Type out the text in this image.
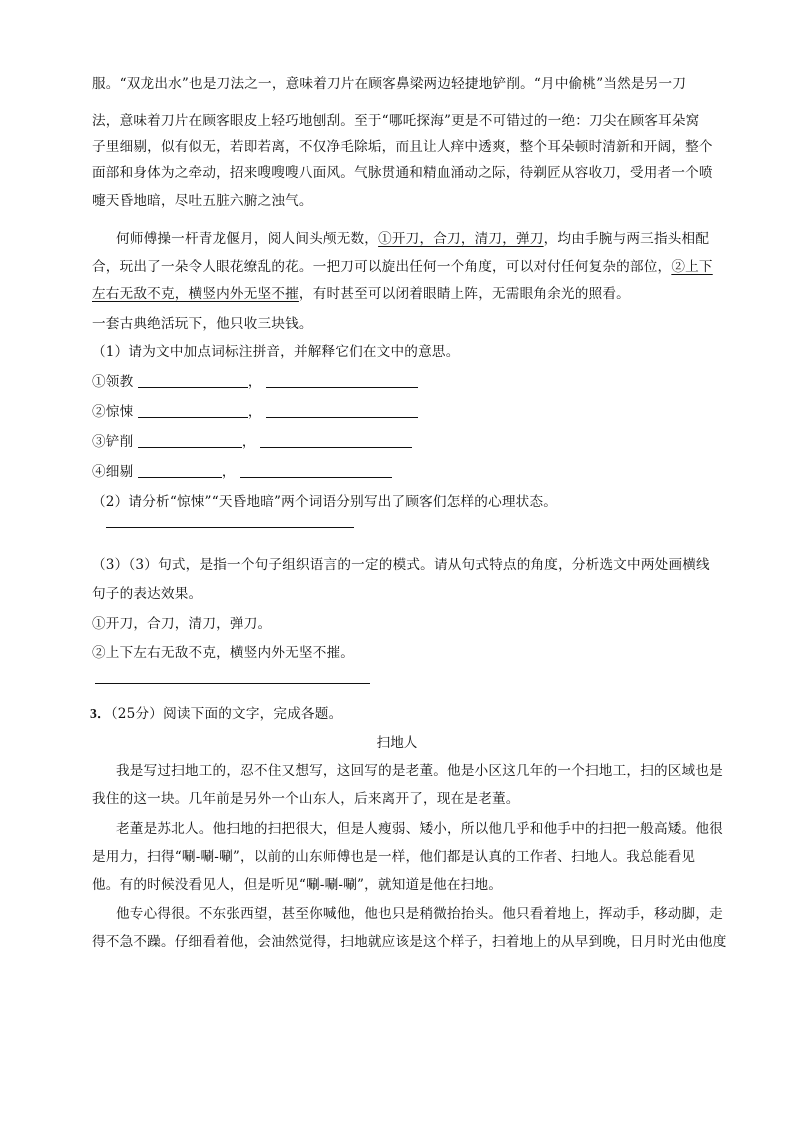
服。“双龙出水”也是刀法之一，意味着刀片在顾客鼻梁两边轻捷地铲削。“月中偷桃”当然是另一刀
法，意味着刀片在顾客眼皮上轻巧地刨刮。至于“哪吒探海”更是不可错过的一绝：刀尖在顾客耳朵窝
子里细剔，似有似无，若即若离，不仅净毛除垢，而且让人痒中透爽，整个耳朵顿时清新和开阔，整个
面部和身体为之牵动，招来嗖嗖嗖八面风。气脉贯通和精血涌动之际，待剃匠从容收刀，受用者一个喷
嚏天昏地暗，尽吐五脏六腑之浊气。
何师傅操一杆青龙偃月，阅人间头颅无数，①开刀，合刀，清刀，弹刀，均由手腕与两三指头相配
合，玩出了一朵令人眼花缭乱的花。一把刀可以旋出任何一个角度，可以对付任何复杂的部位，②上下
左右无敌不克，横竖内外无坚不摧，有时甚至可以闭着眼睛上阵，无需眼角余光的照看。
一套古典绝活玩下，他只收三块钱。
（1）请为文中加点词标注拼音，并解释它们在文中的意思。
①领教	，
②惊悚	，
③铲削	，
④细剔	，
（2）请分析“惊悚”“天昏地暗”两个词语分别写出了顾客们怎样的心理状态。
（3）（3）句式，是指一个句子组织语言的一定的模式。请从句式特点的角度，分析选文中两处画横线
句子的表达效果。
①开刀，合刀，清刀，弹刀。
②上下左右无敌不克，横竖内外无坚不摧。
3．（25分）阅读下面的文字，完成各题。
扫地人
我是写过扫地工的，忍不住又想写，这回写的是老董。他是小区这几年的一个扫地工，扫的区域也是
我住的这一块。几年前是另外一个山东人，后来离开了，现在是老董。
老董是苏北人。他扫地的扫把很大，但是人瘦弱、矮小，所以他几乎和他手中的扫把一般高矮。他很
是用力，扫得“唰-唰-唰”，以前的山东师傅也是一样，他们都是认真的工作者、扫地人。我总能看见
他。有的时候没看见人，但是听见“唰-唰-唰”，就知道是他在扫地。
他专心得很。不东张西望，甚至你喊他，他也只是稍微抬抬头。他只看着地上，挥动手，移动脚，走
得不急不躁。仔细看着他，会油然觉得，扫地就应该是这个样子，扫着地上的从早到晚，日月时光由他度
